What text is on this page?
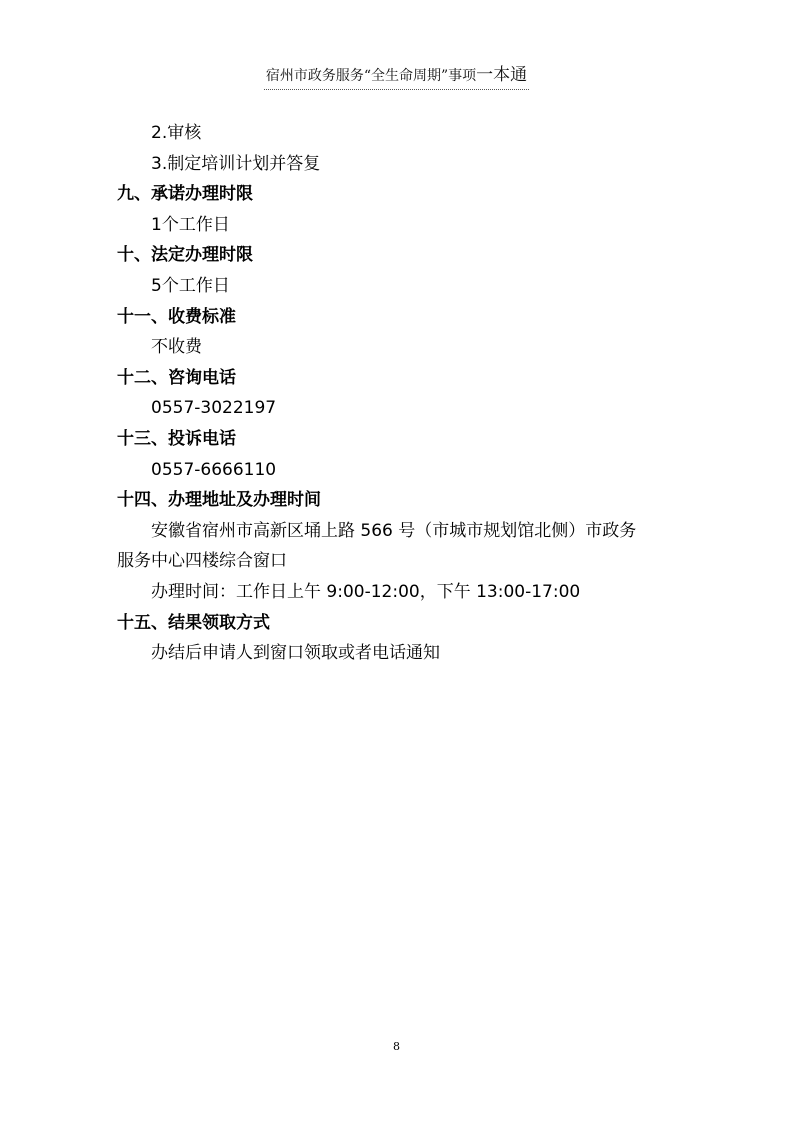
宿州市政务服务“全生命周期”事项一本通
2.审核
3.制定培训计划并答复
九、承诺办理时限
1个工作日
十、法定办理时限
5个工作日
十一、收费标准
不收费
十二、咨询电话
0557-3022197
十三、投诉电话
0557-6666110
十四、办理地址及办理时间
安徽省宿州市高新区埇上路 566 号（市城市规划馆北侧）市政务
服务中心四楼综合窗口
办理时间：工作日上午 9:00-12:00，下午 13:00-17:00
十五、结果领取方式
办结后申请人到窗口领取或者电话通知
8
